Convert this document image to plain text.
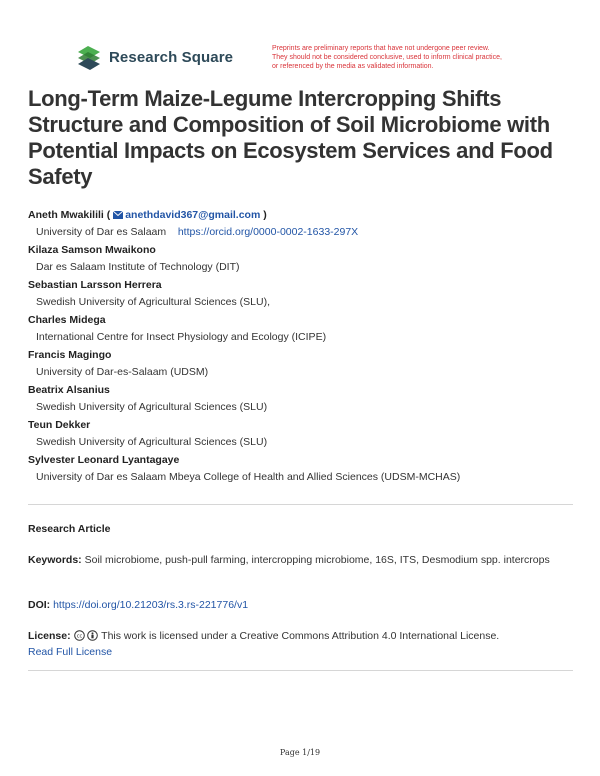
Research Square	Preprints are preliminary reports that have not undergone peer review.
They should not be considered conclusive, used to inform clinical practice,
or referenced by the media as validated information.
Long-Term Maize-Legume Intercropping Shifts Structure and Composition of Soil Microbiome with Potential Impacts on Ecosystem Services and Food Safety
Aneth Mwakilili ( anethdavid367@gmail.com )
University of Dar es Salaam https://orcid.org/0000-0002-1633-297X
Kilaza Samson Mwaikono
Dar es Salaam Institute of Technology (DIT)
Sebastian Larsson Herrera
Swedish University of Agricultural Sciences (SLU),
Charles Midega
International Centre for Insect Physiology and Ecology (ICIPE)
Francis Magingo
University of Dar-es-Salaam (UDSM)
Beatrix Alsanius
Swedish University of Agricultural Sciences (SLU)
Teun Dekker
Swedish University of Agricultural Sciences (SLU)
Sylvester Leonard Lyantagaye
University of Dar es Salaam Mbeya College of Health and Allied Sciences (UDSM-MCHAS)
Research Article
Keywords: Soil microbiome, push-pull farming, intercropping microbiome, 16S, ITS, Desmodium spp. intercrops
DOI: https://doi.org/10.21203/rs.3.rs-221776/v1
License: cc This work is licensed under a Creative Commons Attribution 4.0 International License.
Read Full License
Page 1/19
